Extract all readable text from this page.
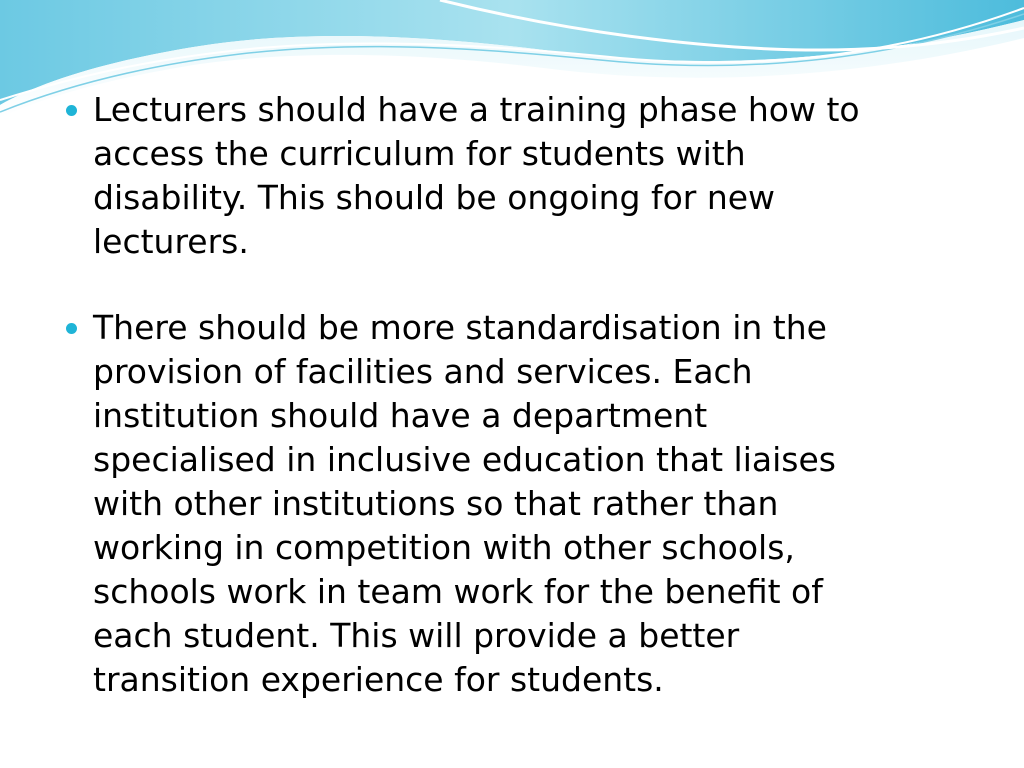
Lecturers should have a training phase how to
access the curriculum for students with
disability. This should be ongoing for new
lecturers.
There should be more standardisation in the
provision of facilities and services. Each
institution should have a department
specialised in inclusive education that liaises
with other institutions so that rather than
working in competition with other schools,
schools work in team work for the benefit of
each student. This will provide a better
transition experience for students.
